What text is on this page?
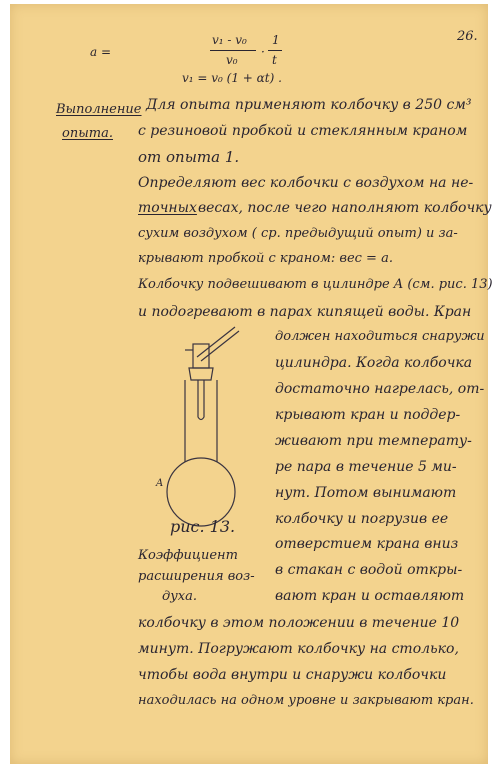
26.
a =
v₁ - v₀
v₀
·
1
t
v₁ = v₀ (1 + αt) .
Выполнение
опыта.
Для опыта применяют колбочку в 250 см³
с резиновой пробкой и стеклянным краном
от опыта 1.
Определяют вес колбочки с воздухом на не-
точных весах, после чего наполняют колбочку
сухим воздухом ( ср. предыдущий опыт) и за-
крывают пробкой с краном: вес = a.
Колбочку подвешивают в цилиндре A (см. рис. 13)
и подогревают в парах кипящей воды. Кран
должен находиться снаружи
цилиндра. Когда колбочка
достаточно нагрелась, от-
крывают кран и поддер-
живают при температу-
ре пара в течение 5 ми-
нут. Потом вынимают
колбочку и погрузив ее
отверстием крана вниз
в стакан с водой откры-
вают кран и оставляют
колбочку в этом положении в течение 10
минут. Погружают колбочку на столько,
чтобы вода внутри и снаружи колбочки
находилась на одном уровне и закрывают кран.
A
рис. 13.
Коэффициент
расширения воз-
духа.
